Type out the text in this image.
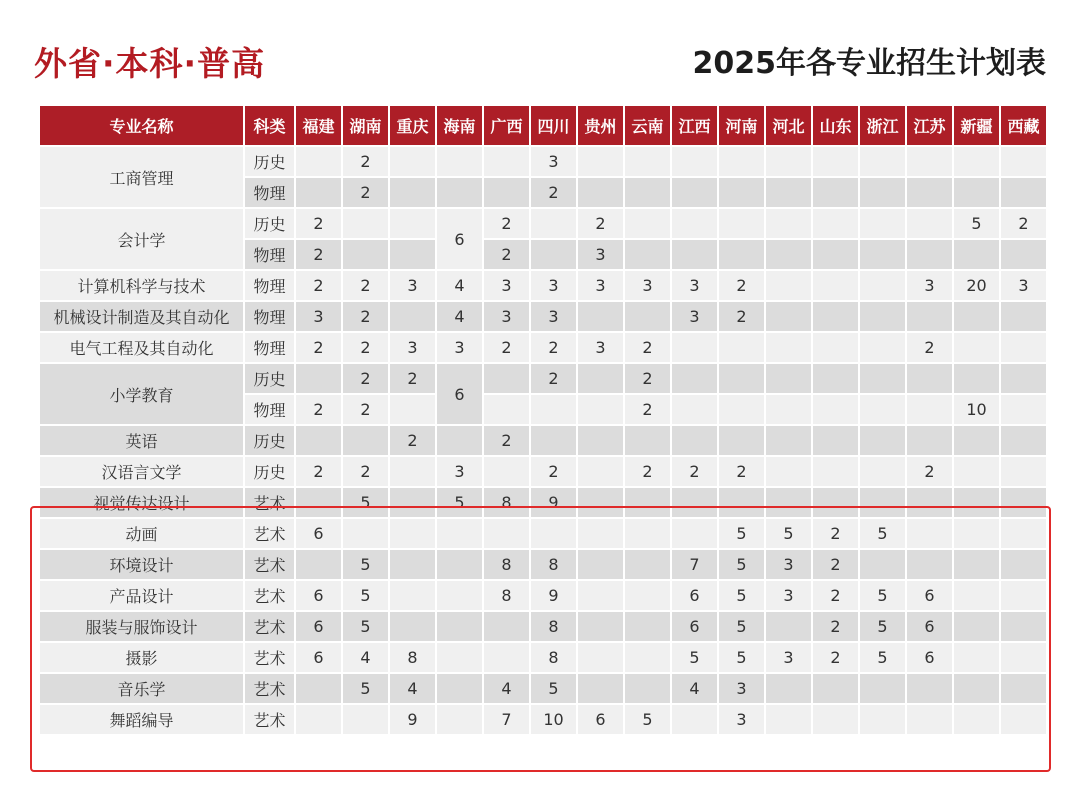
外省·本科·普高	2025年各专业招生计划表
专业名称	科类	福建	湖南	重庆	海南	广西	四川	贵州	云南	江西	河南	河北	山东	浙江	江苏	新疆	西藏
工商管理	历史		2				3										
	物理		2				2										
会计学	历史	2			6	2		2								5	2
	物理	2				2		3									
计算机科学与技术	物理	2	2	3	4	3	3	3	3	3	2				3	20	3
机械设计制造及其自动化	物理	3	2		4	3	3			3	2						
电气工程及其自动化	物理	2	2	3	3	2	2	3	2						2		
小学教育	历史		2	2	6		2		2								
	物理	2	2						2							10	
英语	历史			2		2											
汉语言文学	历史	2	2		3		2		2	2	2				2		
视觉传达设计	艺术		5		5	8	9										
动画	艺术	6									5	5	2	5			
环境设计	艺术		5			8	8			7	5	3	2				
产品设计	艺术	6	5			8	9			6	5	3	2	5	6		
服装与服饰设计	艺术	6	5				8			6	5		2	5	6		
摄影	艺术	6	4	8			8			5	5	3	2	5	6		
音乐学	艺术		5	4		4	5			4	3						
舞蹈编导	艺术			9		7	10	6	5		3						
